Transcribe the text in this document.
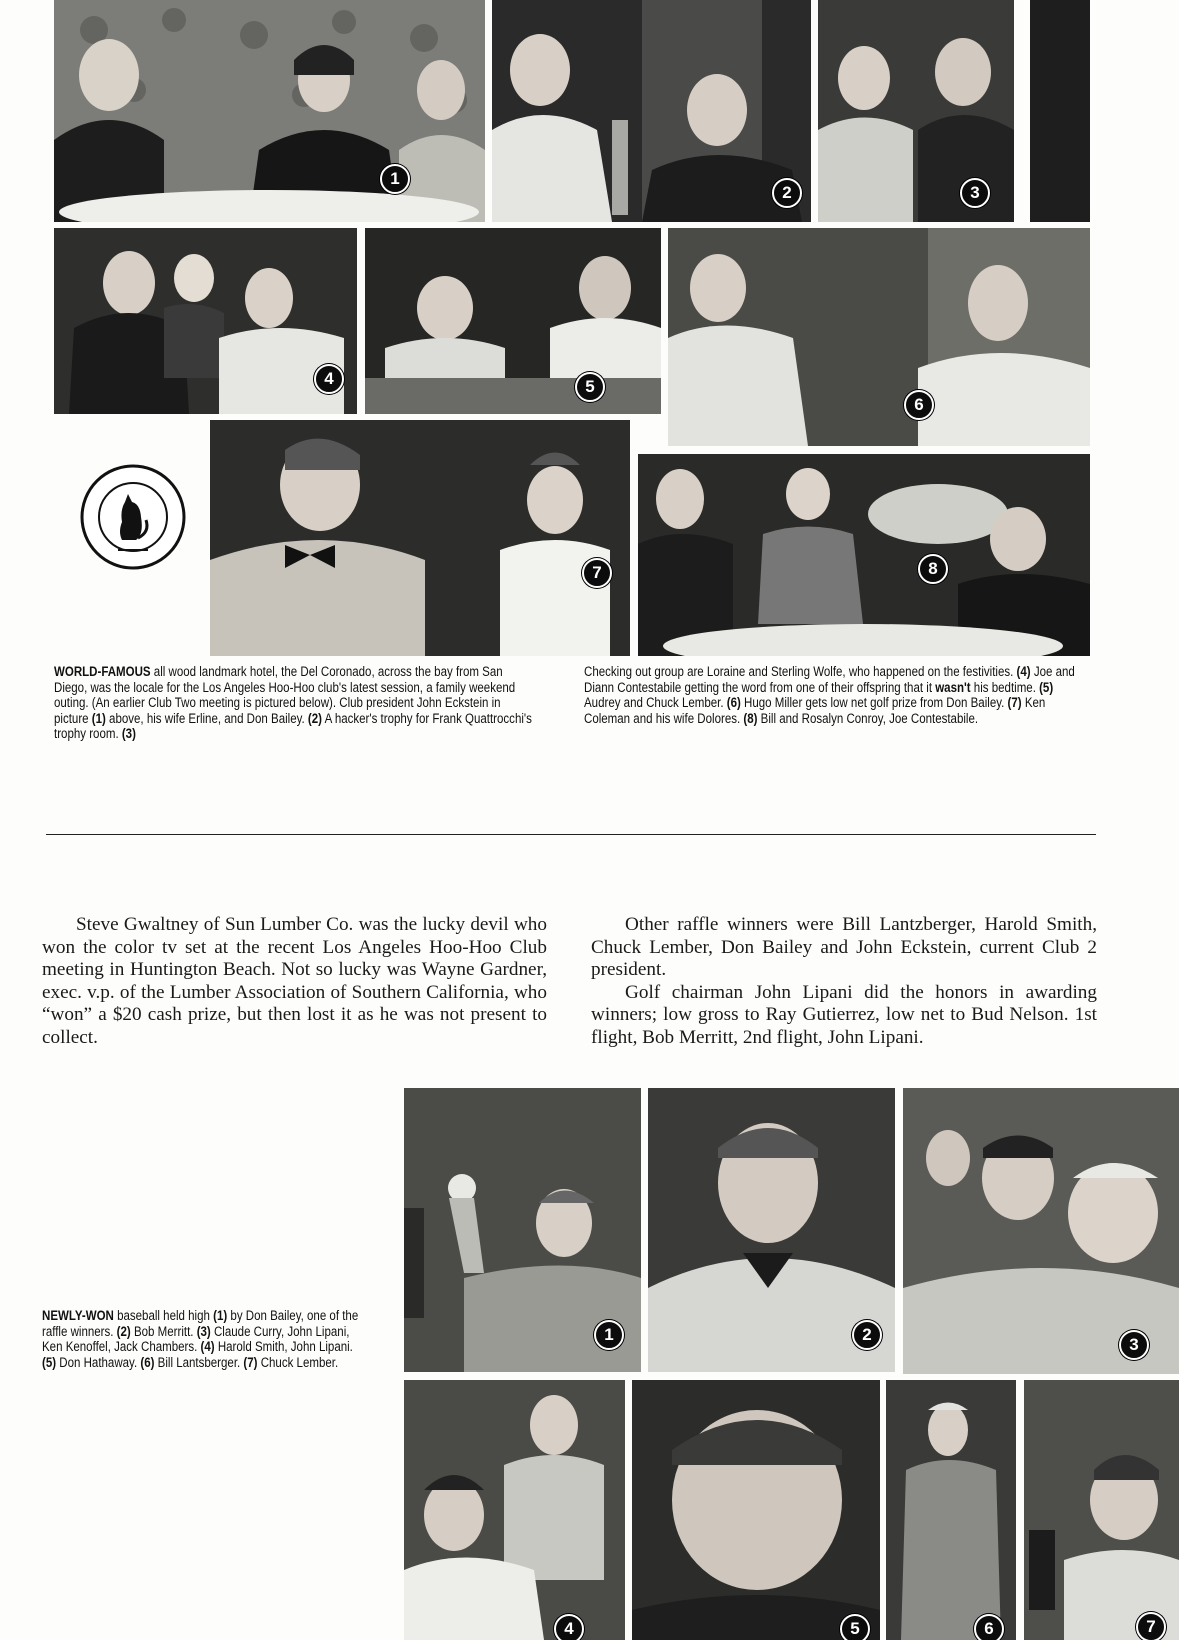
1
2	3
4	5
6
7	8
WORLD-FAMOUS all wood landmark hotel, the Del Coronado, across the bay from San Diego, was the locale for the Los Angeles Hoo-Hoo club's latest session, a family weekend outing. (An earlier Club Two meeting is pictured below). Club president John Eckstein in picture (1) above, his wife Erline, and Don Bailey. (2) A hacker's trophy for Frank Quattrocchi's trophy room. (3)
Checking out group are Loraine and Sterling Wolfe, who happened on the festivities. (4) Joe and Diann Contestabile getting the word from one of their offspring that it wasn't his bedtime. (5) Audrey and Chuck Lember. (6) Hugo Miller gets low net golf prize from Don Bailey. (7) Ken Coleman and his wife Dolores. (8) Bill and Rosalyn Conroy, Joe Contestabile.

Steve Gwaltney of Sun Lumber Co. was the lucky devil who won the color tv set at the recent Los Angeles Hoo-Hoo Club meeting in Huntington Beach. Not so lucky was Wayne Gardner, exec. v.p. of the Lumber Association of Southern California, who “won” a $20 cash prize, but then lost it as he was not present to collect.

Other raffle winners were Bill Lantzberger, Harold Smith, Chuck Lember, Don Bailey and John Eckstein, current Club 2 president.

Golf chairman John Lipani did the honors in awarding winners; low gross to Ray Gutierrez, low net to Bud Nelson. 1st flight, Bob Merritt, 2nd flight, John Lipani.

NEWLY-WON baseball held high (1) by Don Bailey, one of the raffle winners. (2) Bob Merritt. (3) Claude Curry, John Lipani, Ken Kenoffel, Jack Chambers. (4) Harold Smith, John Lipani. (5) Don Hathaway. (6) Bill Lantsberger. (7) Chuck Lember.
1	2
3
4	5	6	7
